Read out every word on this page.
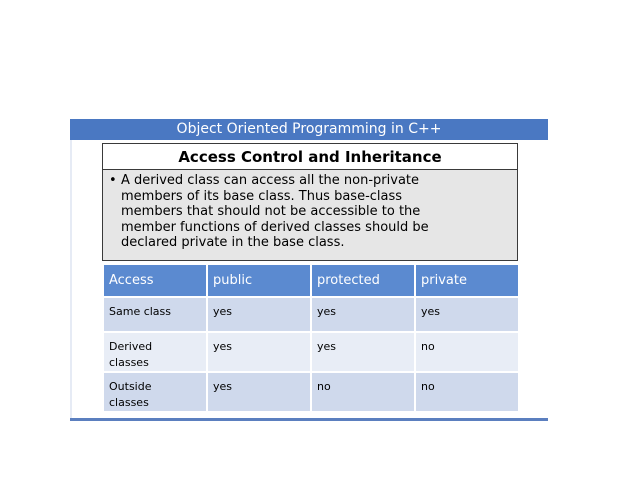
Object Oriented Programming in C++
Access Control and Inheritance
• A derived class can access all the non-private
members of its base class. Thus base-class
members that should not be accessible to the
member functions of derived classes should be
declared private in the base class.
Access	public	protected	private
Same class	yes	yes	yes
Derived
classes	yes	yes	no
Outside
classes	yes	no	no
